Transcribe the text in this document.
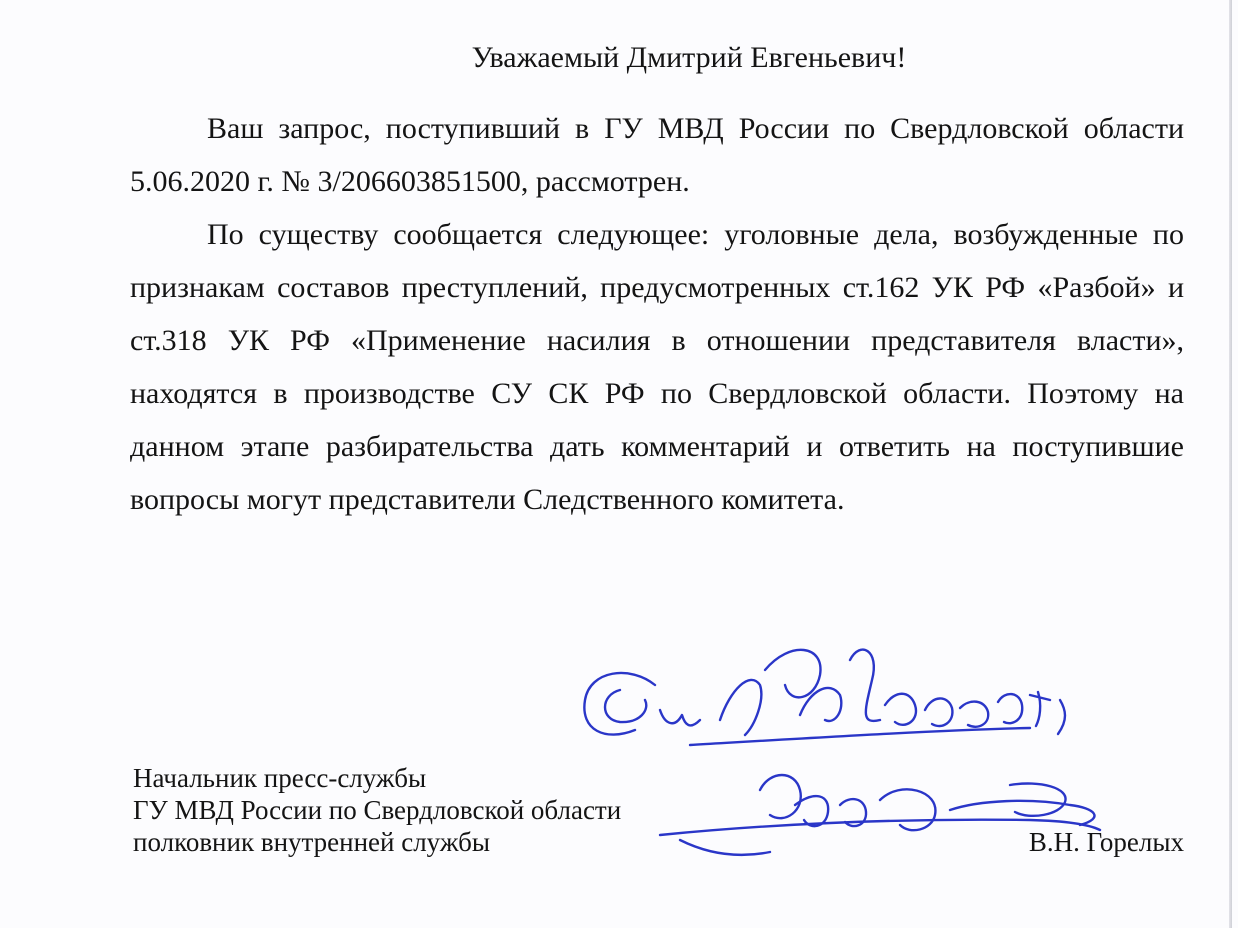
Уважаемый Дмитрий Евгеньевич!

Ваш запрос, поступивший в ГУ МВД России по Свердловской области 5.06.2020 г. № 3/206603851500, рассмотрен.

По существу сообщается следующее: уголовные дела, возбужденные по признакам составов преступлений, предусмотренных ст.162 УК РФ «Разбой» и ст.318 УК РФ «Применение насилия в отношении представителя власти», находятся в производстве СУ СК РФ по Свердловской области. Поэтому на данном этапе разбирательства дать комментарий и ответить на поступившие вопросы могут представители Следственного комитета.

Начальник пресс-службы
ГУ МВД России по Свердловской области
полковник внутренней службы	В.Н. Горелых
